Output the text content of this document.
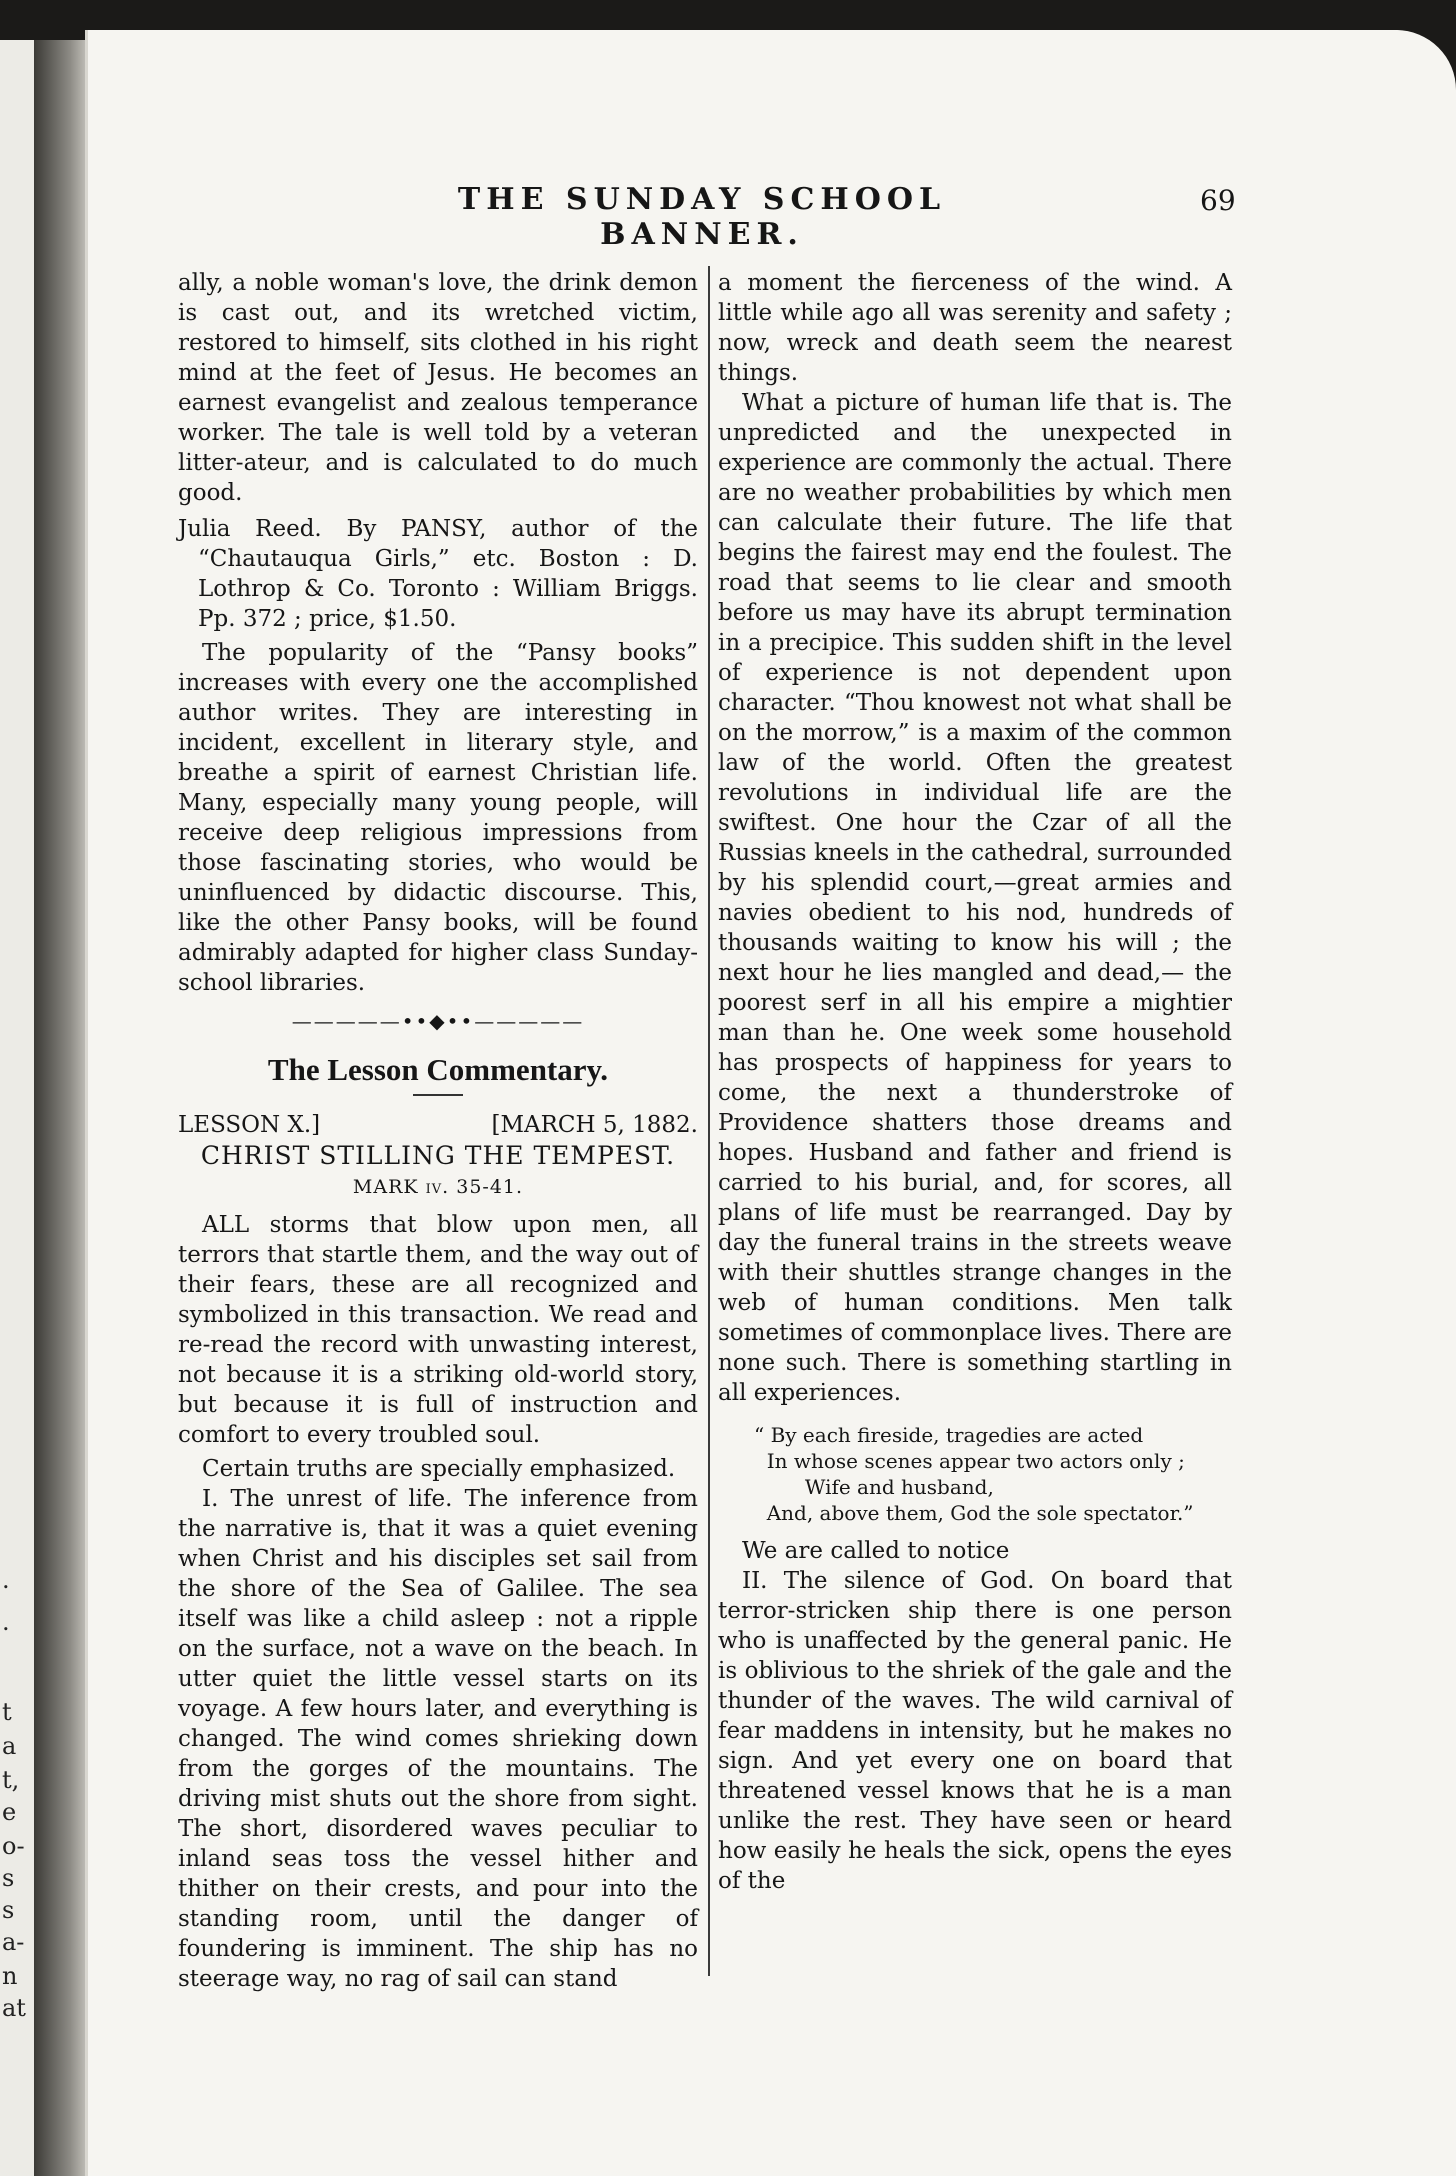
.
.
t
a
t,
e
o-
s
s
a-
n
at
THE SUNDAY SCHOOL BANNER.
69

ally, a noble woman's love, the drink demon is cast out, and its wretched victim, restored to himself, sits clothed in his right mind at the feet of Jesus. He becomes an earnest evangelist and zealous temperance worker. The tale is well told by a veteran litter-ateur, and is calculated to do much good.

Julia Reed. By PANSY, author of the “Chautauqua Girls,” etc. Boston : D. Lothrop & Co. Toronto : William Briggs. Pp. 372 ; price, $1.50.

The popularity of the “Pansy books” increases with every one the accomplished author writes. They are interesting in incident, excellent in literary style, and breathe a spirit of earnest Christian life. Many, especially many young people, will receive deep religious impressions from those fascinating stories, who would be uninfluenced by didactic discourse. This, like the other Pansy books, will be found admirably adapted for higher class Sunday-school libraries.

—————••◆••—————
The Lesson Commentary.
LESSON X.]	[MARCH 5, 1882.
CHRIST STILLING THE TEMPEST.
MARK iv. 35-41.

ALL storms that blow upon men, all terrors that startle them, and the way out of their fears, these are all recognized and symbolized in this transaction. We read and re-read the record with unwasting interest, not because it is a striking old-world story, but because it is full of instruction and comfort to every troubled soul.

Certain truths are specially emphasized.

I. The unrest of life. The inference from the narrative is, that it was a quiet evening when Christ and his disciples set sail from the shore of the Sea of Galilee. The sea itself was like a child asleep : not a ripple on the surface, not a wave on the beach. In utter quiet the little vessel starts on its voyage. A few hours later, and everything is changed. The wind comes shrieking down from the gorges of the mountains. The driving mist shuts out the shore from sight. The short, disordered waves peculiar to inland seas toss the vessel hither and thither on their crests, and pour into the standing room, until the danger of foundering is imminent. The ship has no steerage way, no rag of sail can stand

a moment the fierceness of the wind. A little while ago all was serenity and safety ; now, wreck and death seem the nearest things.

What a picture of human life that is. The unpredicted and the unexpected in experience are commonly the actual. There are no weather probabilities by which men can calculate their future. The life that begins the fairest may end the foulest. The road that seems to lie clear and smooth before us may have its abrupt termination in a precipice. This sudden shift in the level of experience is not dependent upon character. “Thou knowest not what shall be on the morrow,” is a maxim of the common law of the world. Often the greatest revolutions in individual life are the swiftest. One hour the Czar of all the Russias kneels in the cathedral, surrounded by his splendid court,—great armies and navies obedient to his nod, hundreds of thousands waiting to know his will ; the next hour he lies mangled and dead,— the poorest serf in all his empire a mightier man than he. One week some household has prospects of happiness for years to come, the next a thunderstroke of Providence shatters those dreams and hopes. Husband and father and friend is carried to his burial, and, for scores, all plans of life must be rearranged. Day by day the funeral trains in the streets weave with their shuttles strange changes in the web of human conditions. Men talk sometimes of commonplace lives. There are none such. There is something startling in all experiences.

“ By each fireside, tragedies are acted
In whose scenes appear two actors only ;
Wife and husband,
And, above them, God the sole spectator.”

We are called to notice

II. The silence of God. On board that terror-stricken ship there is one person who is unaffected by the general panic. He is oblivious to the shriek of the gale and the thunder of the waves. The wild carnival of fear maddens in intensity, but he makes no sign. And yet every one on board that threatened vessel knows that he is a man unlike the rest. They have seen or heard how easily he heals the sick, opens the eyes of the
